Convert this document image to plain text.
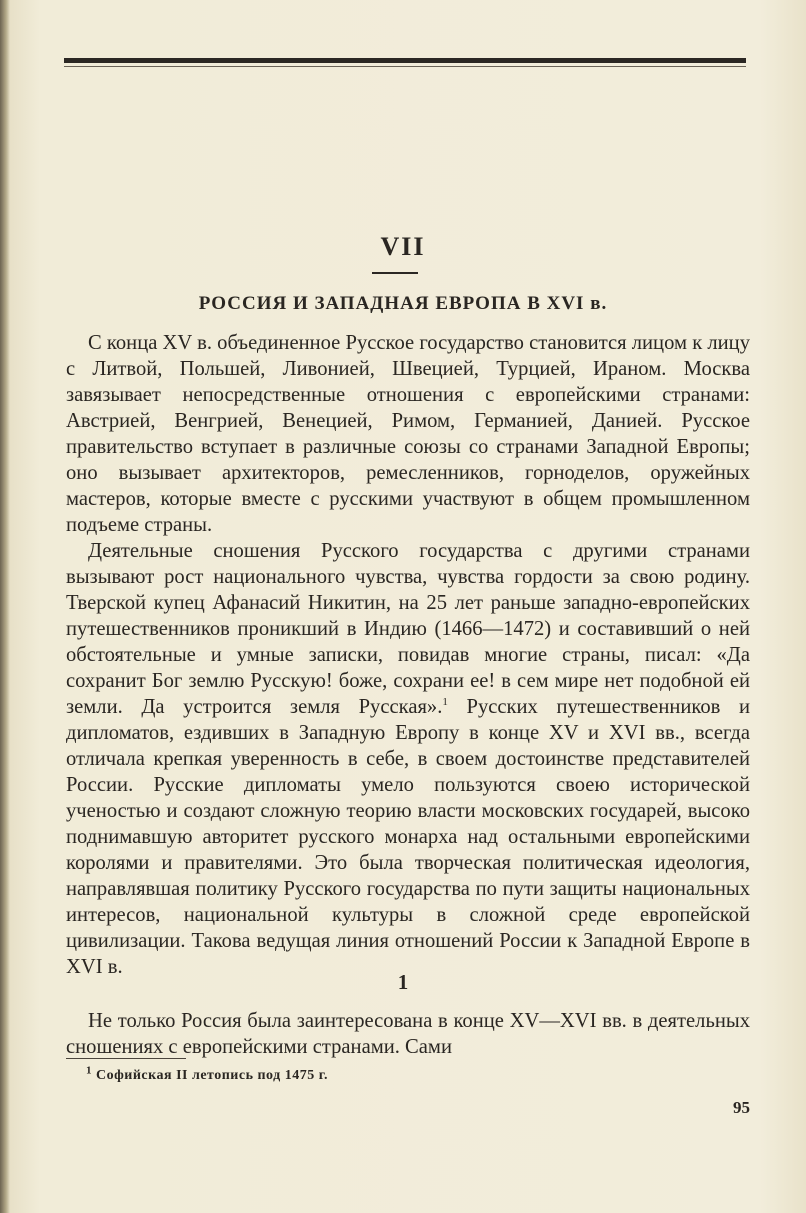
VII
РОССИЯ И ЗАПАДНАЯ ЕВРОПА В XVI в.

С конца XV в. объединенное Русское государство становится лицом к лицу с Литвой, Польшей, Ливонией, Швецией, Турцией, Ираном. Москва завязывает непосредственные отношения с европейскими странами: Австрией, Венгрией, Венецией, Римом, Германией, Данией. Русское правительство вступает в различные союзы со странами Западной Европы; оно вызывает архитекторов, ремесленников, горноделов, оружейных мастеров, которые вместе с русскими участвуют в общем промышленном подъеме страны.

Деятельные сношения Русского государства с другими странами вызывают рост национального чувства, чувства гордости за свою родину. Тверской купец Афанасий Никитин, на 25 лет раньше западно-европейских путешественников проникший в Индию (1466—1472) и составивший о ней обстоятельные и умные записки, повидав многие страны, писал: «Да сохранит Бог землю Русскую! боже, сохрани ее! в сем мире нет подобной ей земли. Да устроится земля Русская».$^1$ Русских путешественников и дипломатов, ездивших в Западную Европу в конце XV и XVI вв., всегда отличала крепкая уверенность в себе, в своем достоинстве представителей России. Русские дипломаты умело пользуются своею исторической ученостью и создают сложную теорию власти московских государей, высоко поднимавшую авторитет русского монарха над остальными европейскими королями и правителями. Это была творческая политическая идеология, направлявшая политику Русского государства по пути защиты национальных интересов, национальной культуры в сложной среде европейской цивилизации. Такова ведущая линия отношений России к Западной Европе в XVI в.

1

Не только Россия была заинтересована в конце XV—XVI вв. в деятельных сношениях с европейскими странами. Сами

$^1$ Софийская II летопись под 1475 г.
95
